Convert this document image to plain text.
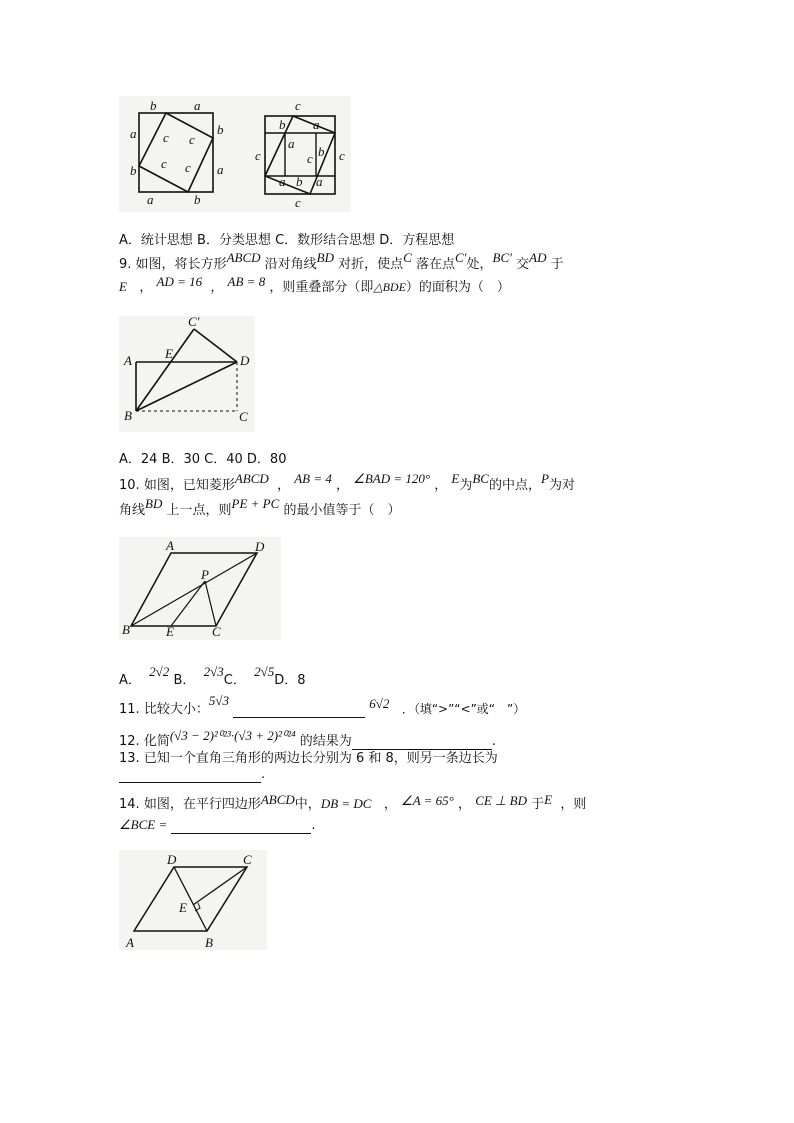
b	a
a
b
b
a
a	b
c c
c c
c
b a
a
c	b c
c
a b a
c
A．统计思想 B．分类思想 C．数形结合思想 D．方程思想
9. 如图，将长方形ABCD 沿对角线BD 对折，使点C 落在点C′处，BC′ 交AD 于
E ， AD = 16 ， AB = 8 ，则重叠部分（即△BDE）的面积为（　）
C′
A	E	D
B	C
A．24 B．30 C．40 D．80
10. 如图，已知菱形ABCD ， AB = 4 ， ∠BAD = 120° ， E为BC的中点，P为对
角线BD 上一点，则PE + PC 的最小值等于（　）
A	D
P
B	E	C
A．  2√2 B．  2√3C．  2√5D．8
11. 比较大小：5√3	6√2 ．（填“>”“<”或“　”）
12. 化简(√3 − 2)²⁰²³·(√3 + 2)²⁰²⁴ 的结果为	.
13. 已知一个直角三角形的两边长分别为 6 和 8，则另一条边长为
.
14. 如图，在平行四边形ABCD中，DB = DC ， ∠A = 65° ， CE ⊥ BD 于E ，则
∠BCE =	.
D	C
E
A	B
